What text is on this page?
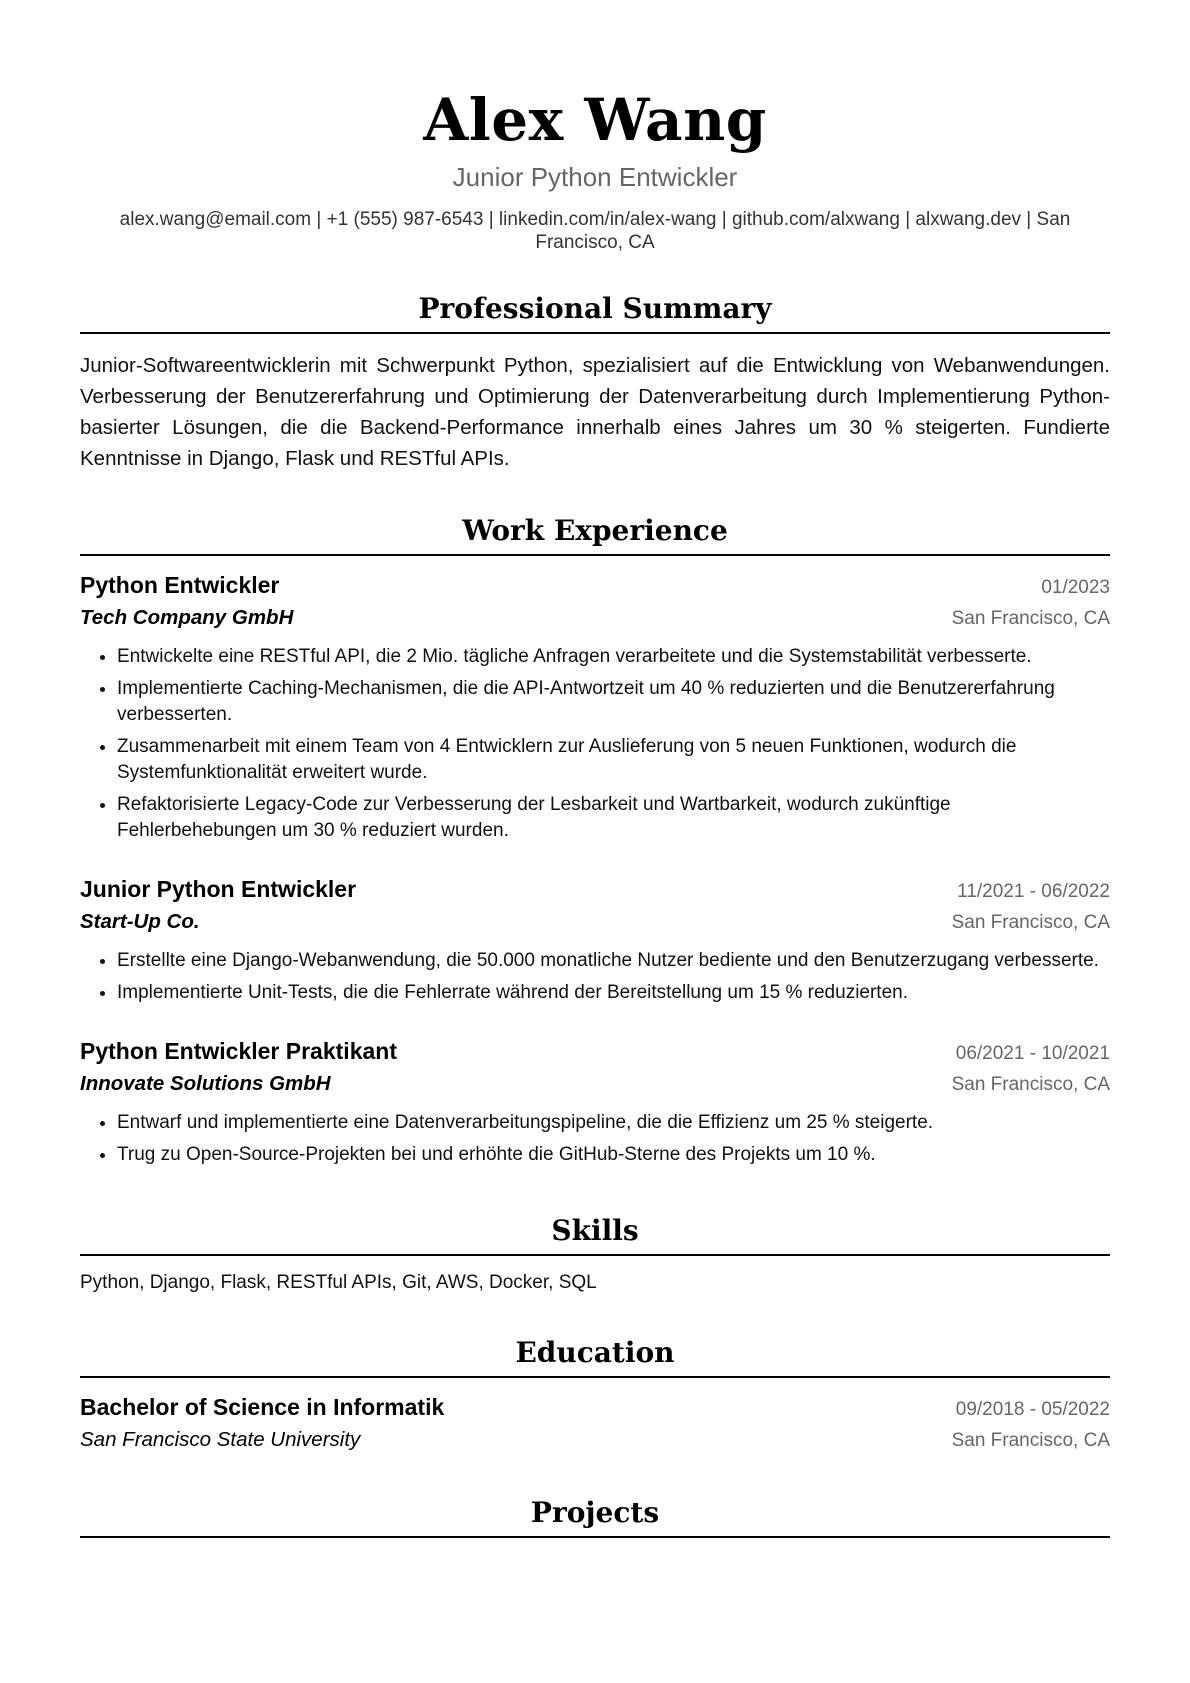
Alex Wang
Junior Python Entwickler
alex.wang@email.com | +1 (555) 987-6543 | linkedin.com/in/alex-wang | github.com/alxwang | alxwang.dev | San Francisco, CA
Professional Summary

Junior-Softwareentwicklerin mit Schwerpunkt Python, spezialisiert auf die Entwicklung von Webanwendungen. Verbesserung der Benutzererfahrung und Optimierung der Datenverarbeitung durch Implementierung Python-basierter Lösungen, die die Backend-Performance innerhalb eines Jahres um 30 % steigerten. Fundierte Kenntnisse in Django, Flask und RESTful APIs.

Work Experience
Python Entwickler	01/2023
Tech Company GmbH	San Francisco, CA
• Entwickelte eine RESTful API, die 2 Mio. tägliche Anfragen verarbeitete und die Systemstabilität verbesserte.
• Implementierte Caching-Mechanismen, die die API-Antwortzeit um 40 % reduzierten und die Benutzererfahrung verbesserten.
• Zusammenarbeit mit einem Team von 4 Entwicklern zur Auslieferung von 5 neuen Funktionen, wodurch die Systemfunktionalität erweitert wurde.
• Refaktorisierte Legacy-Code zur Verbesserung der Lesbarkeit und Wartbarkeit, wodurch zukünftige Fehlerbehebungen um 30 % reduziert wurden.
Junior Python Entwickler	11/2021 - 06/2022
Start-Up Co.	San Francisco, CA
• Erstellte eine Django-Webanwendung, die 50.000 monatliche Nutzer bediente und den Benutzerzugang verbesserte.
• Implementierte Unit-Tests, die die Fehlerrate während der Bereitstellung um 15 % reduzierten.
Python Entwickler Praktikant	06/2021 - 10/2021
Innovate Solutions GmbH	San Francisco, CA
• Entwarf und implementierte eine Datenverarbeitungspipeline, die die Effizienz um 25 % steigerte.
• Trug zu Open-Source-Projekten bei und erhöhte die GitHub-Sterne des Projekts um 10 %.
Skills
Python, Django, Flask, RESTful APIs, Git, AWS, Docker, SQL
Education
Bachelor of Science in Informatik	09/2018 - 05/2022
San Francisco State University	San Francisco, CA
Projects
